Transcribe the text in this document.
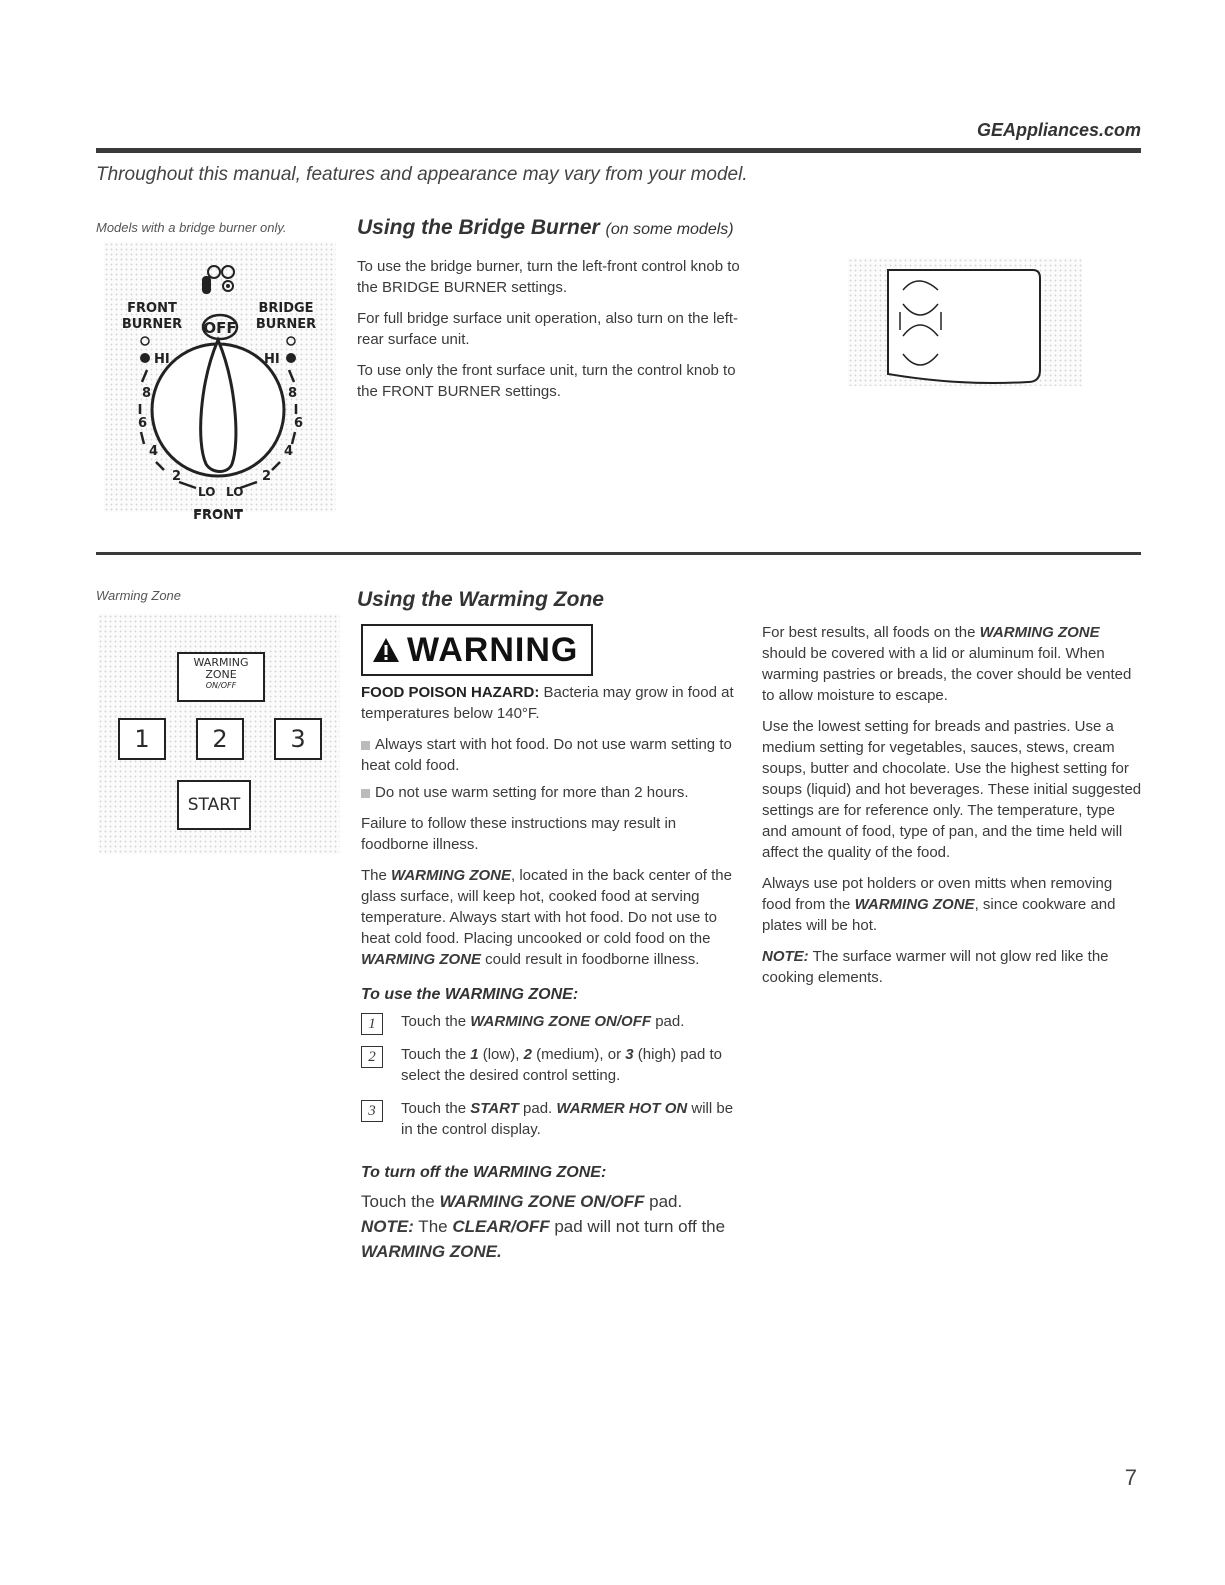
GEAppliances.com
Throughout this manual, features and appearance may vary from your model.
Models with a bridge burner only.
OFF
FRONT
BURNER
BRIDGE
BURNER
HI	HI
8
6
4
2
8
6
4
2
LO LO
FRONT
Using the Bridge Burner (on some models)

To use the bridge burner, turn the left-front control knob to the BRIDGE BURNER settings.

For full bridge surface unit operation, also turn on the left-rear surface unit.

To use only the front surface unit, turn the control knob to the FRONT BURNER settings.

Warming Zone
WARMING
ZONE
ON/OFF
1	2	3
START
Using the Warming Zone
WARNING

FOOD POISON HAZARD: Bacteria may grow in food at temperatures below 140°F.

Always start with hot food. Do not use warm setting to heat cold food.

Do not use warm setting for more than 2 hours.

Failure to follow these instructions may result in foodborne illness.

The WARMING ZONE, located in the back center of the glass surface, will keep hot, cooked food at serving temperature. Always start with hot food. Do not use to heat cold food. Placing uncooked or cold food on the WARMING ZONE could result in foodborne illness.

To use the WARMING ZONE:
1	Touch the WARMING ZONE ON/OFF pad.
2	Touch the 1 (low), 2 (medium), or 3 (high) pad to select the desired control setting.
3	Touch the START pad. WARMER HOT ON will be in the control display.
To turn off the WARMING ZONE:
Touch the WARMING ZONE ON/OFF pad.
NOTE: The CLEAR/OFF pad will not turn off the WARMING ZONE.

For best results, all foods on the WARMING ZONE should be covered with a lid or aluminum foil. When warming pastries or breads, the cover should be vented to allow moisture to escape.

Use the lowest setting for breads and pastries. Use a medium setting for vegetables, sauces, stews, cream soups, butter and chocolate. Use the highest setting for soups (liquid) and hot beverages. These initial suggested settings are for reference only. The temperature, type and amount of food, type of pan, and the time held will affect the quality of the food.

Always use pot holders or oven mitts when removing food from the WARMING ZONE, since cookware and plates will be hot.

NOTE: The surface warmer will not glow red like the cooking elements.

7
